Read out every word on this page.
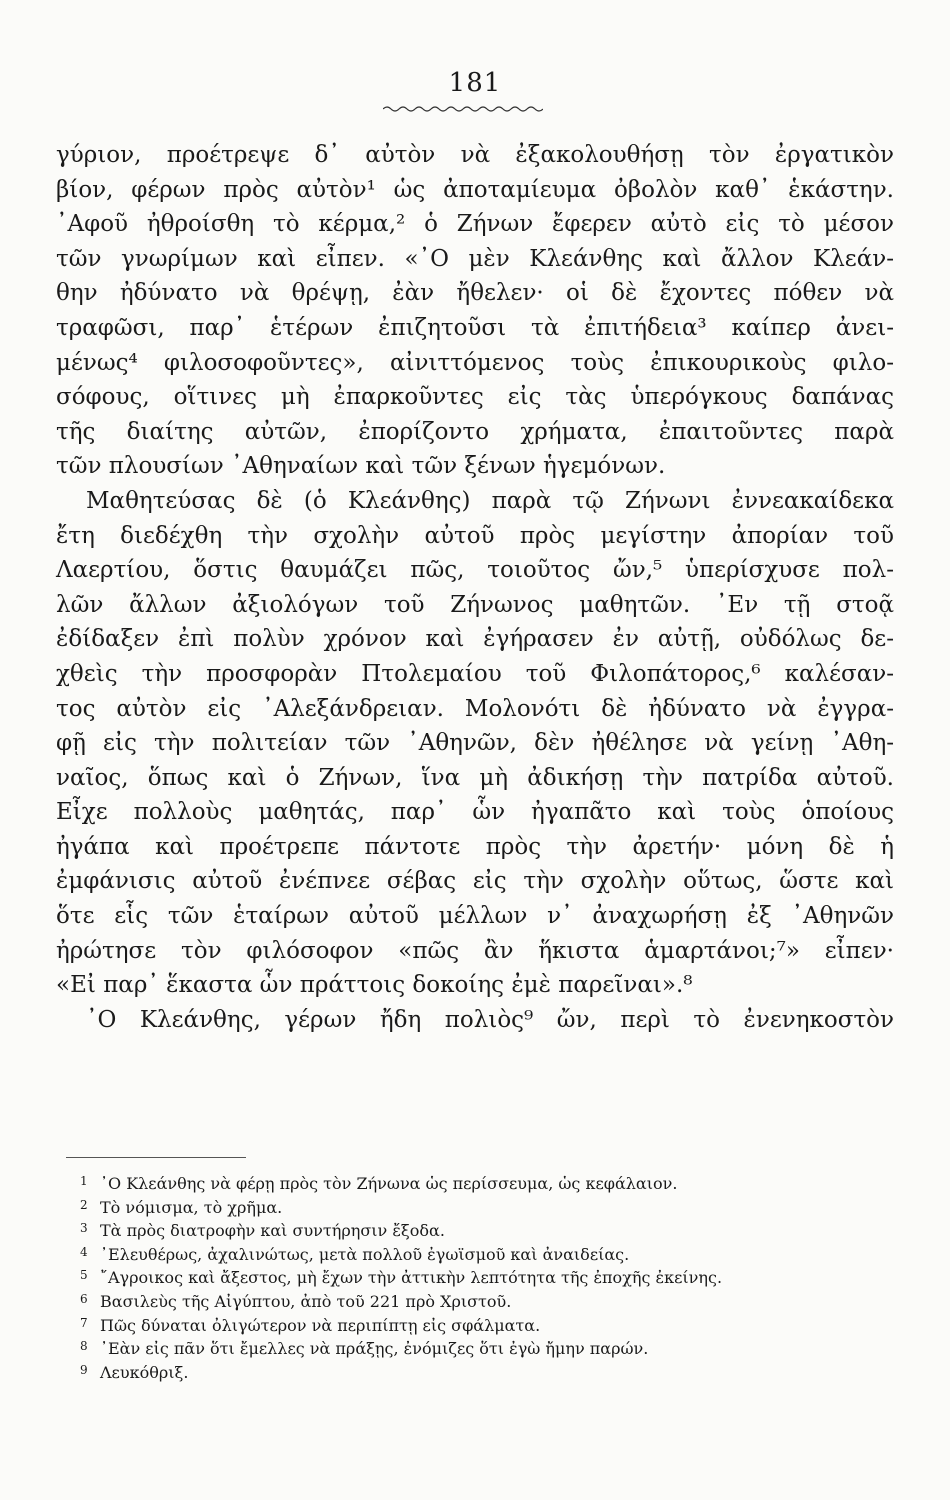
181
γύριον, προέτρεψε δ᾽ αὐτὸν νὰ ἐξακολουθήσῃ τὸν ἐργατικὸν
βίον, φέρων πρὸς αὐτὸν¹ ὡς ἀποταμίευμα ὀβολὸν καθ᾽ ἑκάστην.
᾽Αφοῦ ἠθροίσθη τὸ κέρμα,² ὁ Ζήνων ἔφερεν αὐτὸ εἰς τὸ μέσον
τῶν γνωρίμων καὶ εἶπεν. «᾽Ο μὲν Κλεάνθης καὶ ἄλλον Κλεάν-
θην ἠδύνατο νὰ θρέψῃ, ἐὰν ἤθελεν· οἱ δὲ ἔχοντες πόθεν νὰ
τραφῶσι, παρ᾽ ἑτέρων ἐπιζητοῦσι τὰ ἐπιτήδεια³ καίπερ ἀνει-
μένως⁴ φιλοσοφοῦντες», αἰνιττόμενος τοὺς ἐπικουρικοὺς φιλο-
σόφους, οἵτινες μὴ ἐπαρκοῦντες εἰς τὰς ὑπερόγκους δαπάνας
τῆς διαίτης αὐτῶν, ἐπορίζοντο χρήματα, ἐπαιτοῦντες παρὰ
τῶν πλουσίων ᾽Αθηναίων καὶ τῶν ξένων ἡγεμόνων.
Μαθητεύσας δὲ (ὁ Κλεάνθης) παρὰ τῷ Ζήνωνι ἐννεακαίδεκα
ἔτη διεδέχθη τὴν σχολὴν αὐτοῦ πρὸς μεγίστην ἀπορίαν τοῦ
Λαερτίου, ὅστις θαυμάζει πῶς, τοιοῦτος ὤν,⁵ ὑπερίσχυσε πολ-
λῶν ἄλλων ἀξιολόγων τοῦ Ζήνωνος μαθητῶν. ᾽Εν τῇ στοᾷ
ἐδίδαξεν ἐπὶ πολὺν χρόνον καὶ ἐγήρασεν ἐν αὐτῇ, οὐδόλως δε-
χθεὶς τὴν προσφορὰν Πτολεμαίου τοῦ Φιλοπάτορος,⁶ καλέσαν-
τος αὐτὸν εἰς ᾽Αλεξάνδρειαν. Μολονότι δὲ ἠδύνατο νὰ ἐγγρα-
φῇ εἰς τὴν πολιτείαν τῶν ᾽Αθηνῶν, δὲν ἠθέλησε νὰ γείνῃ ᾽Αθη-
ναῖος, ὅπως καὶ ὁ Ζήνων, ἵνα μὴ ἀδικήσῃ τὴν πατρίδα αὐτοῦ.
Εἶχε πολλοὺς μαθητάς, παρ᾽ ὧν ἠγαπᾶτο καὶ τοὺς ὁποίους
ἠγάπα καὶ προέτρεπε πάντοτε πρὸς τὴν ἀρετήν· μόνη δὲ ἡ
ἐμφάνισις αὐτοῦ ἐνέπνεε σέβας εἰς τὴν σχολὴν οὕτως, ὥστε καὶ
ὅτε εἷς τῶν ἑταίρων αὐτοῦ μέλλων ν᾽ ἀναχωρήσῃ ἐξ ᾽Αθηνῶν
ἠρώτησε τὸν φιλόσοφον «πῶς ἂν ἥκιστα ἁμαρτάνοι;⁷» εἶπεν·
«Εἰ παρ᾽ ἕκαστα ὧν πράττοις δοκοίης ἐμὲ παρεῖναι».⁸
᾽Ο Κλεάνθης, γέρων ἤδη πολιὸς⁹ ὤν, περὶ τὸ ἐνενηκοστὸν
1 ᾽Ο Κλεάνθης νὰ φέρῃ πρὸς τὸν Ζήνωνα ὡς περίσσευμα, ὡς κεφάλαιον.
2 Τὸ νόμισμα, τὸ χρῆμα.
3 Τὰ πρὸς διατροφὴν καὶ συντήρησιν ἔξοδα.
4 ᾽Ελευθέρως, ἀχαλινώτως, μετὰ πολλοῦ ἐγωϊσμοῦ καὶ ἀναιδείας.
5 ῎Αγροικος καὶ ἄξεστος, μὴ ἔχων τὴν ἀττικὴν λεπτότητα τῆς ἐποχῆς ἐκείνης.
6 Βασιλεὺς τῆς Αἰγύπτου, ἀπὸ τοῦ 221 πρὸ Χριστοῦ.
7 Πῶς δύναται ὀλιγώτερον νὰ περιπίπτῃ εἰς σφάλματα.
8 ᾽Εὰν εἰς πᾶν ὅτι ἔμελλες νὰ πράξῃς, ἐνόμιζες ὅτι ἐγὼ ἤμην παρών.
9 Λευκόθριξ.
